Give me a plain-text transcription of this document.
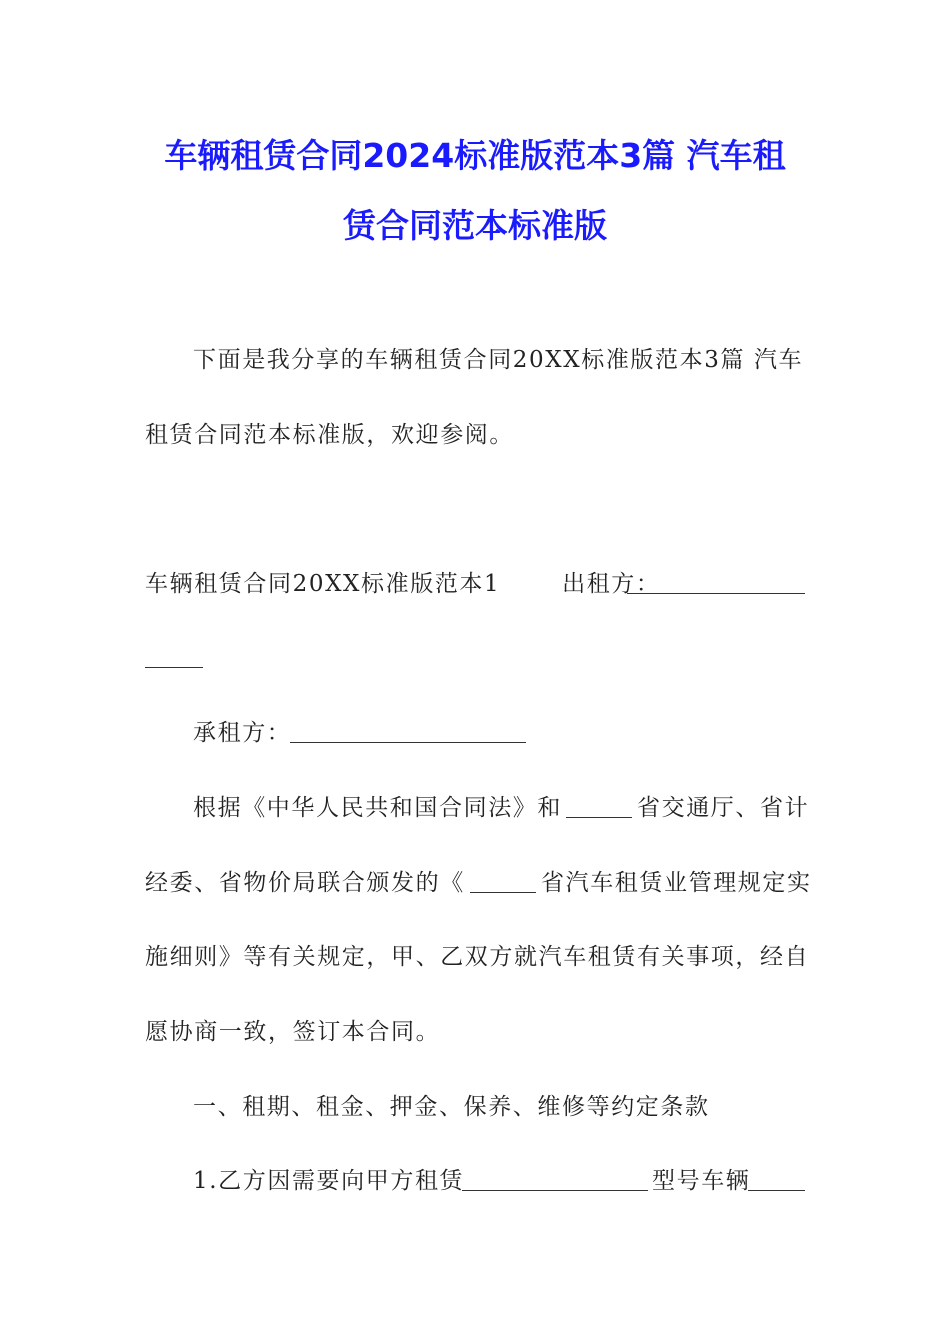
车辆租赁合同2024标准版范本3篇 汽车租
赁合同范本标准版
下面是我分享的车辆租赁合同20XX标准版范本3篇 汽车
租赁合同范本标准版，欢迎参阅。
车辆租赁合同20XX标准版范本1	出租方：
承租方：
根据《中华人民共和国合同法》和	省交通厅、省计
经委、省物价局联合颁发的《	省汽车租赁业管理规定实
施细则》等有关规定，甲、乙双方就汽车租赁有关事项，经自
愿协商一致，签订本合同。
一、租期、租金、押金、保养、维修等约定条款
1.乙方因需要向甲方租赁	型号车辆
